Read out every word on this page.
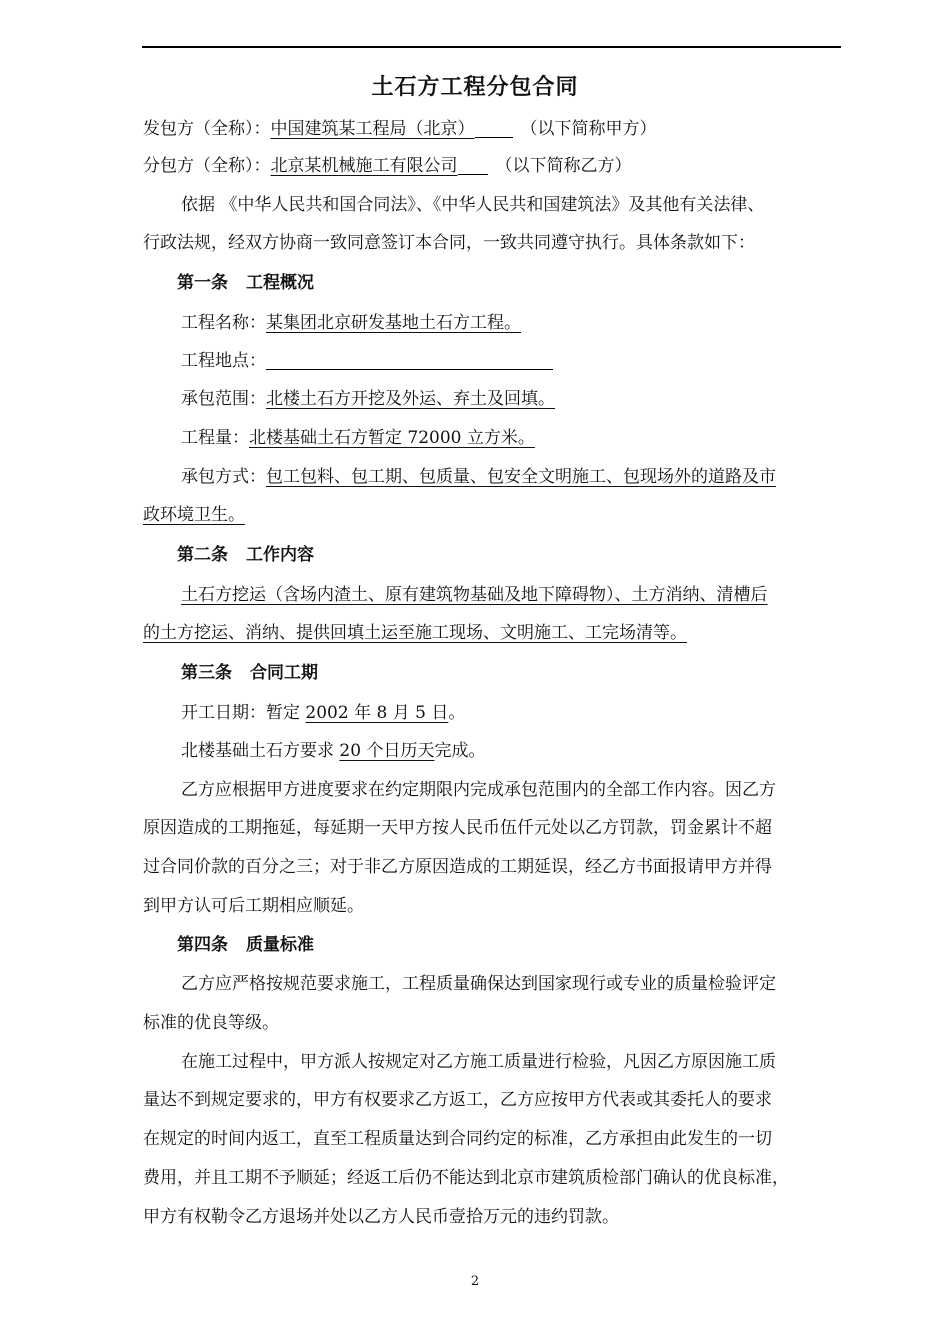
土石方工程分包合同
发包方（全称）：中国建筑某工程局（北京）	（以下简称甲方）
分包方（全称）：北京某机械施工有限公司 （以下简称乙方）
依据 《中华人民共和国合同法》、《中华人民共和国建筑法》及其他有关法律、
行政法规，经双方协商一致同意签订本合同，一致共同遵守执行。具体条款如下：
第一条 工程概况
工程名称：某集团北京研发基地土石方工程。
工程地点：
承包范围：北楼土石方开挖及外运、弃土及回填。
工程量：北楼基础土石方暂定 72000 立方米。
承包方式：包工包料、包工期、包质量、包安全文明施工、包现场外的道路及市
政环境卫生。
第二条 工作内容
土石方挖运（含场内渣土、原有建筑物基础及地下障碍物）、土方消纳、清槽后
的土方挖运、消纳、提供回填土运至施工现场、文明施工、工完场清等。
第三条 合同工期
开工日期：暂定 2002 年 8 月 5 日。
北楼基础土石方要求 20 个日历天完成。
乙方应根据甲方进度要求在约定期限内完成承包范围内的全部工作内容。因乙方
原因造成的工期拖延，每延期一天甲方按人民币伍仟元处以乙方罚款，罚金累计不超
过合同价款的百分之三；对于非乙方原因造成的工期延误，经乙方书面报请甲方并得
到甲方认可后工期相应顺延。
第四条 质量标准
乙方应严格按规范要求施工，工程质量确保达到国家现行或专业的质量检验评定
标准的优良等级。
在施工过程中，甲方派人按规定对乙方施工质量进行检验，凡因乙方原因施工质
量达不到规定要求的，甲方有权要求乙方返工，乙方应按甲方代表或其委托人的要求
在规定的时间内返工，直至工程质量达到合同约定的标准，乙方承担由此发生的一切
费用，并且工期不予顺延；经返工后仍不能达到北京市建筑质检部门确认的优良标准，
甲方有权勒令乙方退场并处以乙方人民币壹拾万元的违约罚款。
2
